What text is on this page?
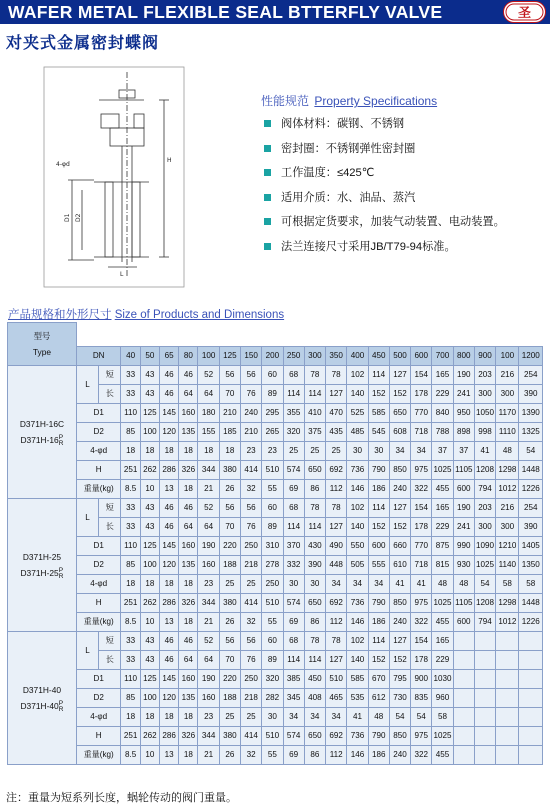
WAFER METAL FLEXIBLE SEAL BTTERFLY VALVE	圣
对夹式金属密封蝶阀
4-φd
D1 D2
H
L
性能规范 Property Specifications
阀体材料：碳钢、不锈钢
密封圈：不锈钢弹性密封圈
工作温度：≤425℃
适用介质：水、油品、蒸汽
可根据定货要求，加装气动装置、电动装置。
法兰连接尺寸采用JB/T79-94标准。
产品规格和外形尺寸 Size of Products and Dimensions
型号
Type																						
	DN		40	50	65	80	100	125	150	200	250	300	350	400	450	500	600	700	800	900	100	1200
D371H-16C
D371H-16P
R	L	短	33	43	46	46	52	56	56	60	68	78	78	102	114	127	154	165	190	203	216	254
		长	33	43	46	64	64	70	76	89	114	114	127	140	152	152	178	229	241	300	300	390
	D1		110	125	145	160	180	210	240	295	355	410	470	525	585	650	770	840	950	1050	1170	1390
	D2		85	100	120	135	155	185	210	265	320	375	435	485	545	608	718	788	898	998	1110	1325
	4-φd		18	18	18	18	18	18	23	23	25	25	25	30	30	34	34	37	37	41	48	54
	H		251	262	286	326	344	380	414	510	574	650	692	736	790	850	975	1025	1105	1208	1298	1448
	重量(kg)		8.5	10	13	18	21	26	32	55	69	86	112	146	186	240	322	455	600	794	1012	1226
D371H-25
D371H-25P
R	L	短	33	43	46	46	52	56	56	60	68	78	78	102	114	127	154	165	190	203	216	254
		长	33	43	46	64	64	70	76	89	114	114	127	140	152	152	178	229	241	300	300	390
	D1		110	125	145	160	190	220	250	310	370	430	490	550	600	660	770	875	990	1090	1210	1405
	D2		85	100	120	135	160	188	218	278	332	390	448	505	555	610	718	815	930	1025	1140	1350
	4-φd		18	18	18	18	23	25	25	250	30	30	34	34	34	41	41	48	48	54	58	58
	H		251	262	286	326	344	380	414	510	574	650	692	736	790	850	975	1025	1105	1208	1298	1448
	重量(kg)		8.5	10	13	18	21	26	32	55	69	86	112	146	186	240	322	455	600	794	1012	1226
D371H-40
D371H-40P
R	L	短	33	43	46	46	52	56	56	60	68	78	78	102	114	127	154	165				
		长	33	43	46	64	64	70	76	89	114	114	127	140	152	152	178	229				
	D1		110	125	145	160	190	220	250	320	385	450	510	585	670	795	900	1030				
	D2		85	100	120	135	160	188	218	282	345	408	465	535	612	730	835	960				
	4-φd		18	18	18	18	23	25	25	30	34	34	34	41	48	54	54	58				
	H		251	262	286	326	344	380	414	510	574	650	692	736	790	850	975	1025				
	重量(kg)		8.5	10	13	18	21	26	32	55	69	86	112	146	186	240	322	455				
注：重量为短系列长度，蜗轮传动的阀门重量。
